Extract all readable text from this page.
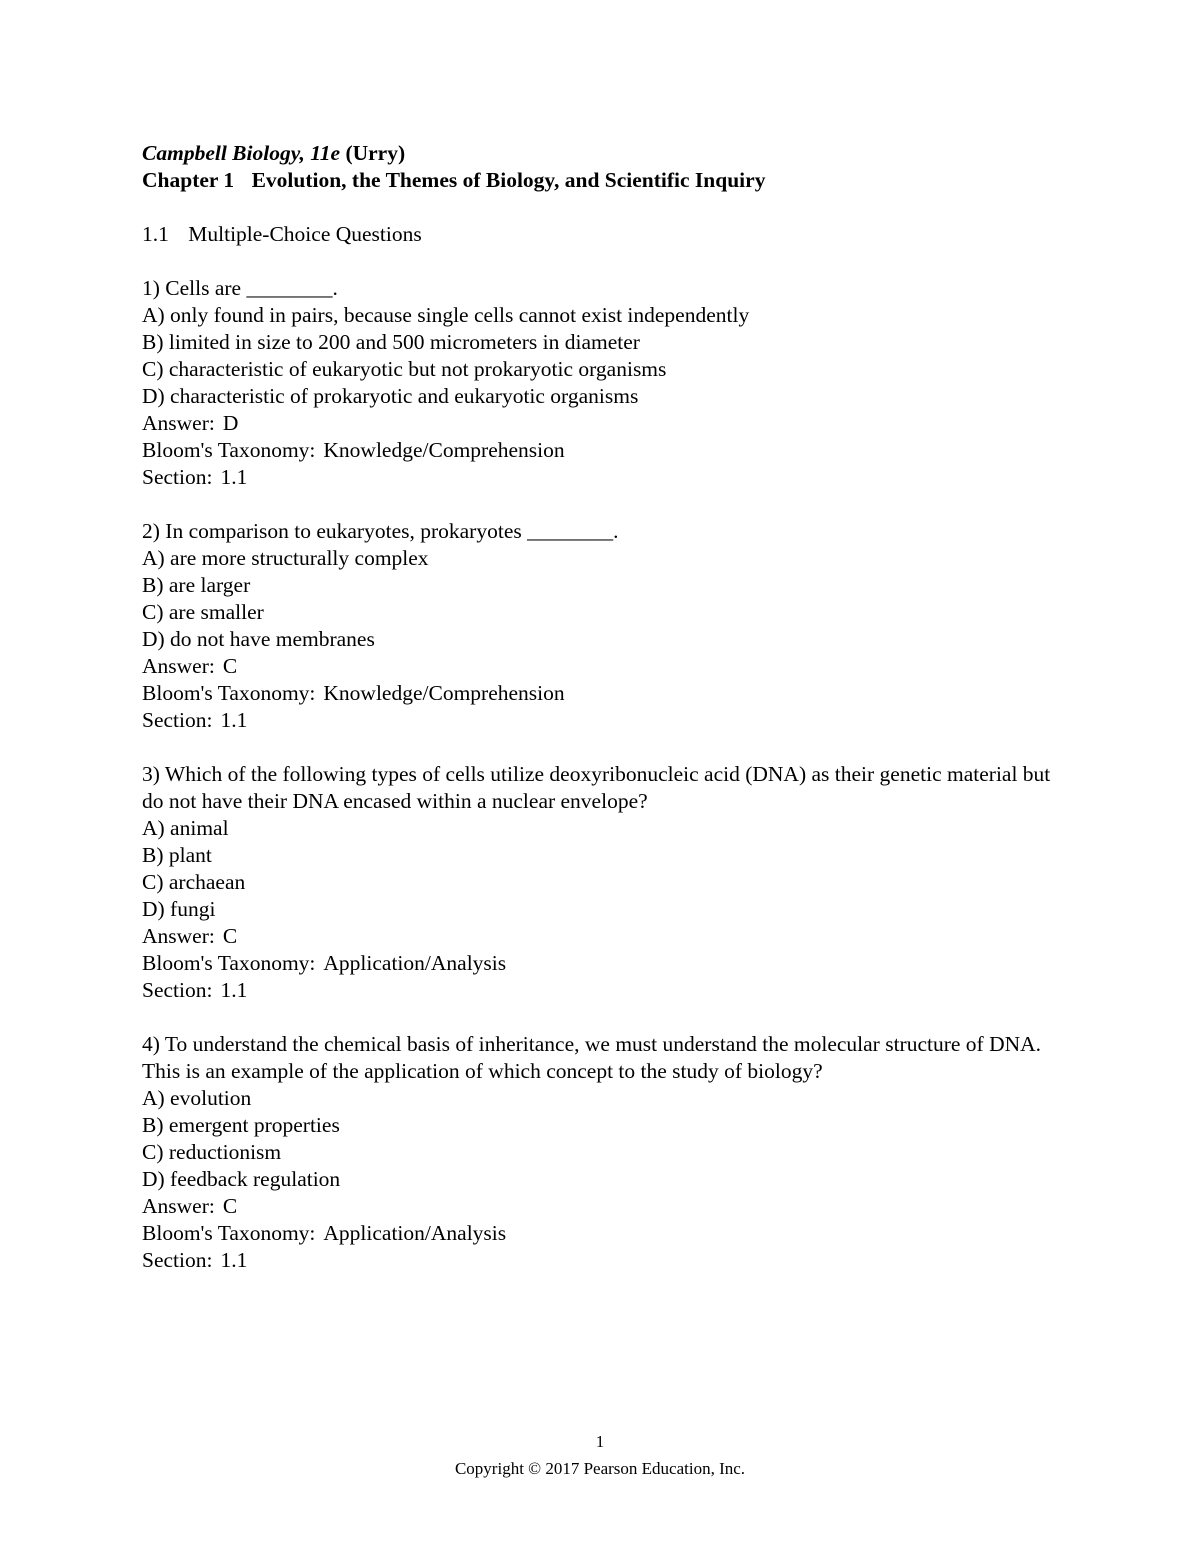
Campbell Biology, 11e (Urry)
Chapter 1 Evolution, the Themes of Biology, and Scientific Inquiry
1.1 Multiple-Choice Questions
1) Cells are ________.
A) only found in pairs, because single cells cannot exist independently
B) limited in size to 200 and 500 micrometers in diameter
C) characteristic of eukaryotic but not prokaryotic organisms
D) characteristic of prokaryotic and eukaryotic organisms
Answer: D
Bloom's Taxonomy: Knowledge/Comprehension
Section: 1.1
2) In comparison to eukaryotes, prokaryotes ________.
A) are more structurally complex
B) are larger
C) are smaller
D) do not have membranes
Answer: C
Bloom's Taxonomy: Knowledge/Comprehension
Section: 1.1
3) Which of the following types of cells utilize deoxyribonucleic acid (DNA) as their genetic material but do not have their DNA encased within a nuclear envelope?
A) animal
B) plant
C) archaean
D) fungi
Answer: C
Bloom's Taxonomy: Application/Analysis
Section: 1.1
4) To understand the chemical basis of inheritance, we must understand the molecular structure of DNA. This is an example of the application of which concept to the study of biology?
A) evolution
B) emergent properties
C) reductionism
D) feedback regulation
Answer: C
Bloom's Taxonomy: Application/Analysis
Section: 1.1
1
Copyright © 2017 Pearson Education, Inc.
